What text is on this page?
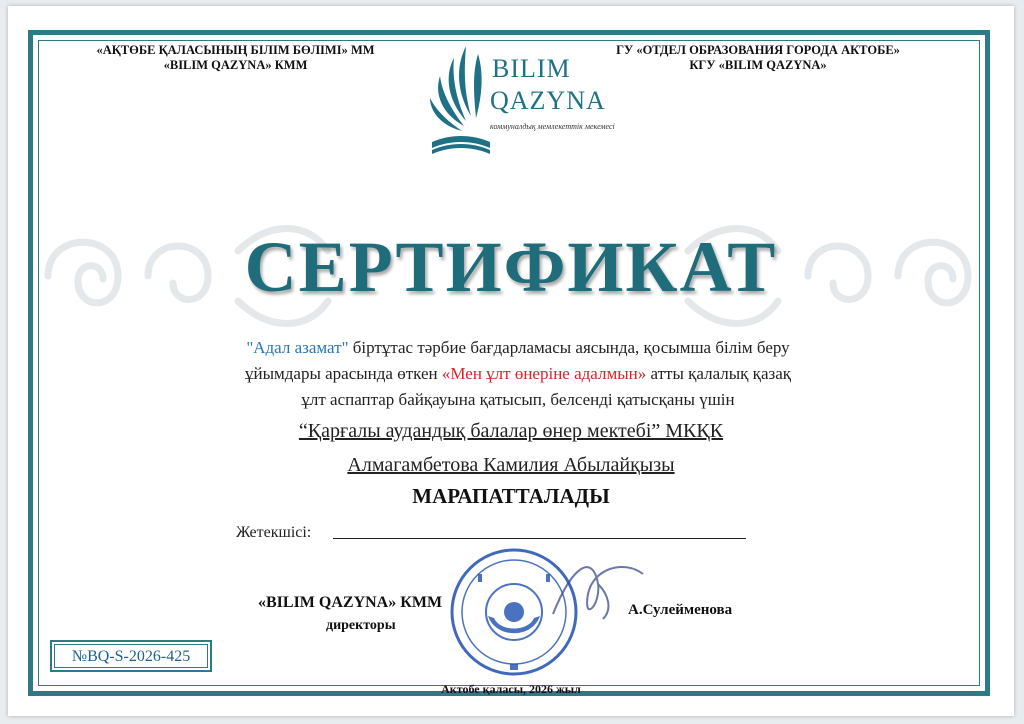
«АҚТӨБЕ ҚАЛАСЫНЫҢ БІЛІМ БӨЛІМІ» ММ
«BILIM QAZYNA» КММ
ГУ «ОТДЕЛ ОБРАЗОВАНИЯ ГОРОДА АКТОБЕ»
КГУ «BILIM QAZYNA»
BILIM
QAZYNA
коммуналдық мемлекеттік мекемесі
СЕРТИФИКАТ
"Адал азамат" біртұтас тәрбие бағдарламасы аясында, қосымша білім беру
ұйымдары арасында өткен «Мен ұлт өнеріне адалмын» атты қалалық қазақ
ұлт аспаптар байқауына қатысып, белсенді қатысқаны үшін
“Қарғалы аудандық балалар өнер мектебі” МКҚК
Алмагамбетова Камилия Абылайқызы
МАРАПАТТАЛАДЫ
Жетекшісі:
«BILIM QAZYNA» КММ
директоры
А.Сулейменова
№BQ-S-2026-425
Актобе қаласы, 2026 жыл
